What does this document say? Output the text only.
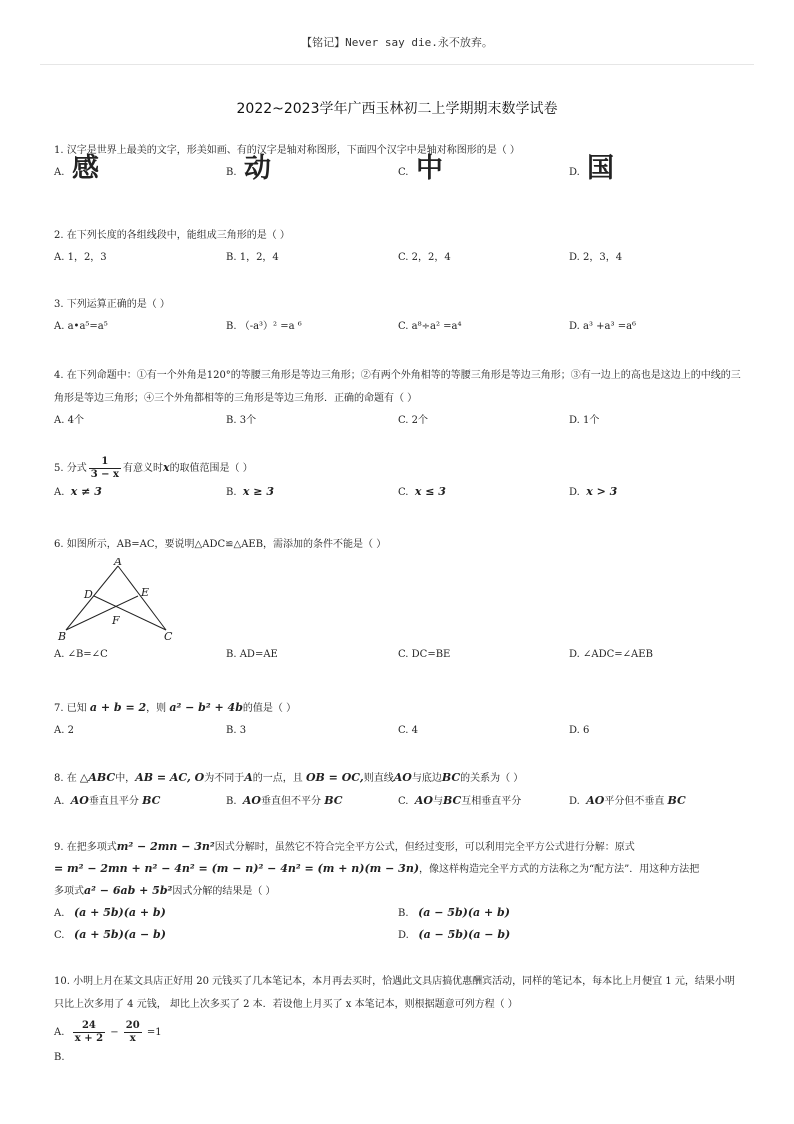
【铭记】Never say die.永不放弃。
2022~2023学年广西玉林初二上学期期末数学试卷
1. 汉字是世界上最美的文字，形美如画、有的汉字是轴对称图形，下面四个汉字中是轴对称图形的是（ ）
A. 感	B. 动	C. 中	D. 国
2. 在下列长度的各组线段中，能组成三角形的是（ ）
A. 1，2，3	B. 1，2，4	C. 2，2，4	D. 2，3，4
3. 下列运算正确的是（ ）
A. a•a⁵=a⁵	B. （-a³）² =a ⁶	C. a⁸÷a² =a⁴	D. a³ +a³ =a⁶
4. 在下列命题中：①有一个外角是120°的等腰三角形是等边三角形；②有两个外角相等的等腰三角形是等边三角形；③有一边上的高也是这边上的中线的三角形是等边三角形；④三个外角都相等的三角形是等边三角形．正确的命题有（ ）
A. 4个	B. 3个	C. 2个	D. 1个
5. 分式 $\frac{1}{3 - x}$ 有意义时x的取值范围是（ ）
A. x ≠ 3	B. x ≥ 3	C. x ≤ 3	D. x > 3
6. 如图所示，AB=AC，要说明△ADC≌△AEB，需添加的条件不能是（ ）
A
B	C
D	E
F
A. ∠B=∠C	B. AD=AE	C. DC=BE	D. ∠ADC=∠AEB
7. 已知 a + b = 2，则 a² − b² + 4b的值是（ ）
A. 2	B. 3	C. 4	D. 6
8. 在 △ABC中，AB = AC, O为不同于A的一点，且 OB = OC,则直线AO与底边BC的关系为（ ）
A. AO垂直且平分 BC	B. AO垂直但不平分 BC	C. AO与BC互相垂直平分	D. AO平分但不垂直 BC
9. 在把多项式m² − 2mn − 3n²因式分解时，虽然它不符合完全平方公式，但经过变形，可以利用完全平方公式进行分解：原式
= m² − 2mn + n² − 4n² = (m − n)² − 4n² = (m + n)(m − 3n)，像这样构造完全平方式的方法称之为“配方法”．用这种方法把
多项式a² − 6ab + 5b²因式分解的结果是（ ）
A. (a + 5b)(a + b)	B. (a − 5b)(a + b)
C. (a + 5b)(a − b)	D. (a − 5b)(a − b)
10. 小明上月在某文具店正好用 20 元钱买了几本笔记本，本月再去买时，恰遇此文具店搞优惠酬宾活动，同样的笔记本，每本比上月便宜 1 元，结果小明只比上次多用了 4 元钱， 却比上次多买了 2 本．若设他上月买了 x 本笔记本，则根据题意可列方程（ ）
A. $\frac{24}{x + 2} - \frac{20}{x} =1$
B.
